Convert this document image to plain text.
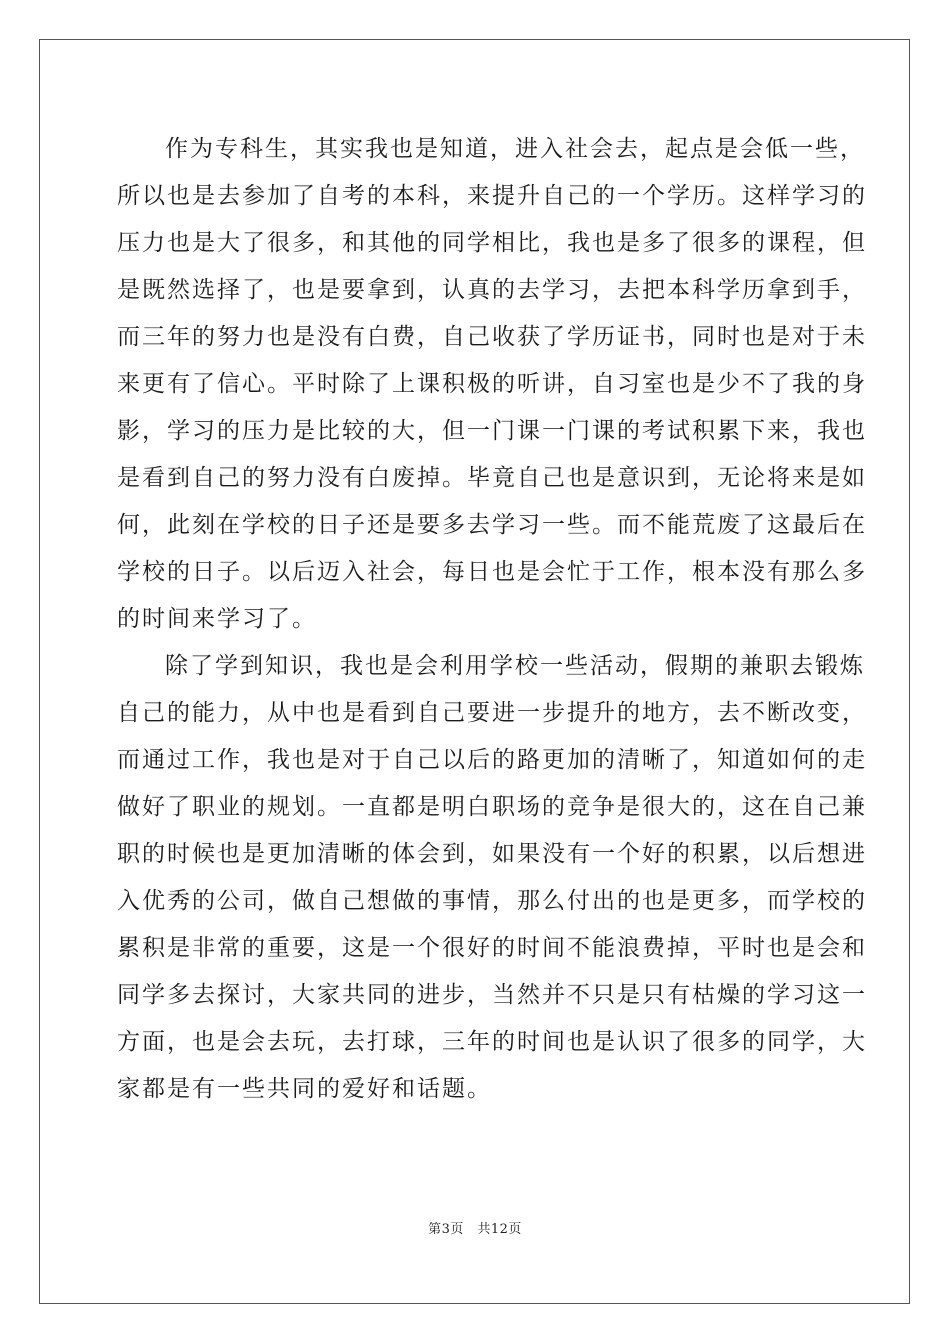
作为专科生，其实我也是知道，进入社会去，起点是会低一些，

所以也是去参加了自考的本科，来提升自己的一个学历。这样学习的

压力也是大了很多，和其他的同学相比，我也是多了很多的课程，但

是既然选择了，也是要拿到，认真的去学习，去把本科学历拿到手，

而三年的努力也是没有白费，自己收获了学历证书，同时也是对于未

来更有了信心。平时除了上课积极的听讲，自习室也是少不了我的身

影，学习的压力是比较的大，但一门课一门课的考试积累下来，我也

是看到自己的努力没有白废掉。毕竟自己也是意识到，无论将来是如

何，此刻在学校的日子还是要多去学习一些。而不能荒废了这最后在

学校的日子。以后迈入社会，每日也是会忙于工作，根本没有那么多

的时间来学习了。

除了学到知识，我也是会利用学校一些活动，假期的兼职去锻炼

自己的能力，从中也是看到自己要进一步提升的地方，去不断改变，

而通过工作，我也是对于自己以后的路更加的清晰了，知道如何的走

做好了职业的规划。一直都是明白职场的竞争是很大的，这在自己兼

职的时候也是更加清晰的体会到，如果没有一个好的积累，以后想进

入优秀的公司，做自己想做的事情，那么付出的也是更多，而学校的

累积是非常的重要，这是一个很好的时间不能浪费掉，平时也是会和

同学多去探讨，大家共同的进步，当然并不只是只有枯燥的学习这一

方面，也是会去玩，去打球，三年的时间也是认识了很多的同学，大

家都是有一些共同的爱好和话题。

第3页　共12页
